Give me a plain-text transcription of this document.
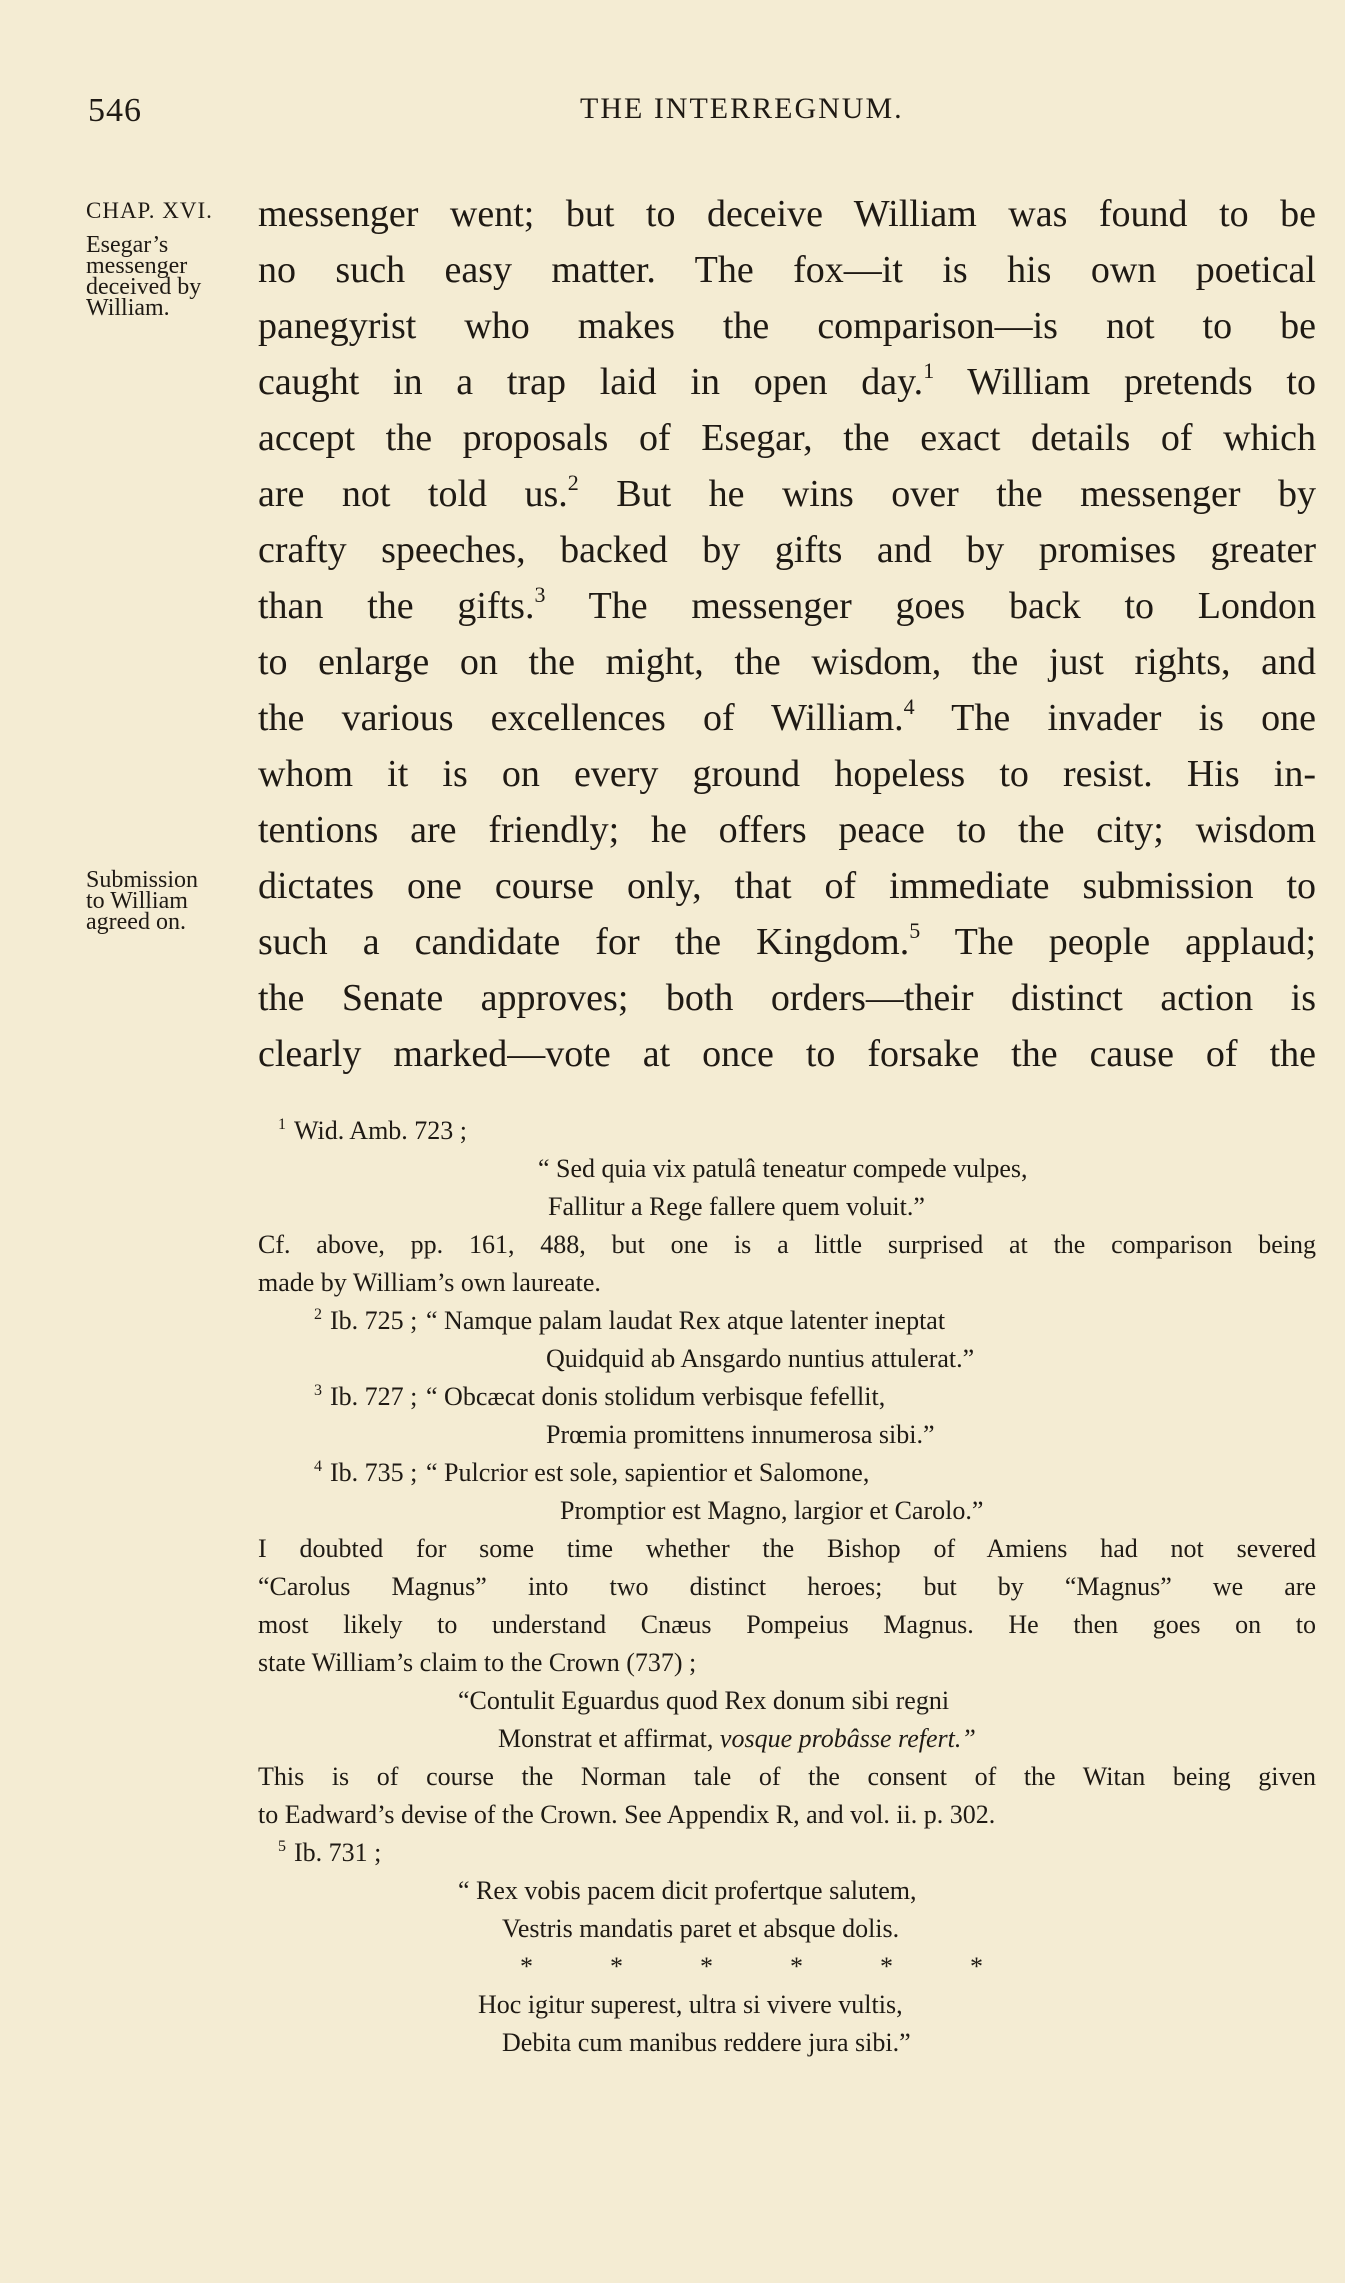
546	THE INTERREGNUM.
CHAP. XVI.
Esegar’s
messenger
deceived by
William.
Submission
to William
agreed on.
messenger went; but to deceive William was found to be
no such easy matter. The fox—it is his own poetical
panegyrist who makes the comparison—is not to be
caught in a trap laid in open day.$^1$ William pretends to
accept the proposals of Esegar, the exact details of which
are not told us.$^2$ But he wins over the messenger by
crafty speeches, backed by gifts and by promises greater
than the gifts.$^3$ The messenger goes back to London
to enlarge on the might, the wisdom, the just rights, and
the various excellences of William.$^4$ The invader is one
whom it is on every ground hopeless to resist. His in-
tentions are friendly; he offers peace to the city; wisdom
dictates one course only, that of immediate submission to
such a candidate for the Kingdom.$^5$ The people applaud;
the Senate approves; both orders—their distinct action is
clearly marked—vote at once to forsake the cause of the
$^1$ Wid. Amb. 723 ;
“ Sed quia vix patulâ teneatur compede vulpes,
Fallitur a Rege fallere quem voluit.”
Cf. above, pp. 161, 488, but one is a little surprised at the comparison being
made by William’s own laureate.
$^2$ Ib. 725 ; “ Namque palam laudat Rex atque latenter ineptat
Quidquid ab Ansgardo nuntius attulerat.”
$^3$ Ib. 727 ; “ Obcæcat donis stolidum verbisque fefellit,
Prœmia promittens innumerosa sibi.”
$^4$ Ib. 735 ; “ Pulcrior est sole, sapientior et Salomone,
Promptior est Magno, largior et Carolo.”
I doubted for some time whether the Bishop of Amiens had not severed
“Carolus Magnus” into two distinct heroes; but by “Magnus” we are
most likely to understand Cnæus Pompeius Magnus. He then goes on to
state William’s claim to the Crown (737) ;
“Contulit Eguardus quod Rex donum sibi regni
Monstrat et affirmat, vosque probâsse refert.”
This is of course the Norman tale of the consent of the Witan being given
to Eadward’s devise of the Crown. See Appendix R, and vol. ii. p. 302.
$^5$ Ib. 731 ;
“ Rex vobis pacem dicit profertque salutem,
Vestris mandatis paret et absque dolis.
*	*	*	*	*	*
Hoc igitur superest, ultra si vivere vultis,
Debita cum manibus reddere jura sibi.”
